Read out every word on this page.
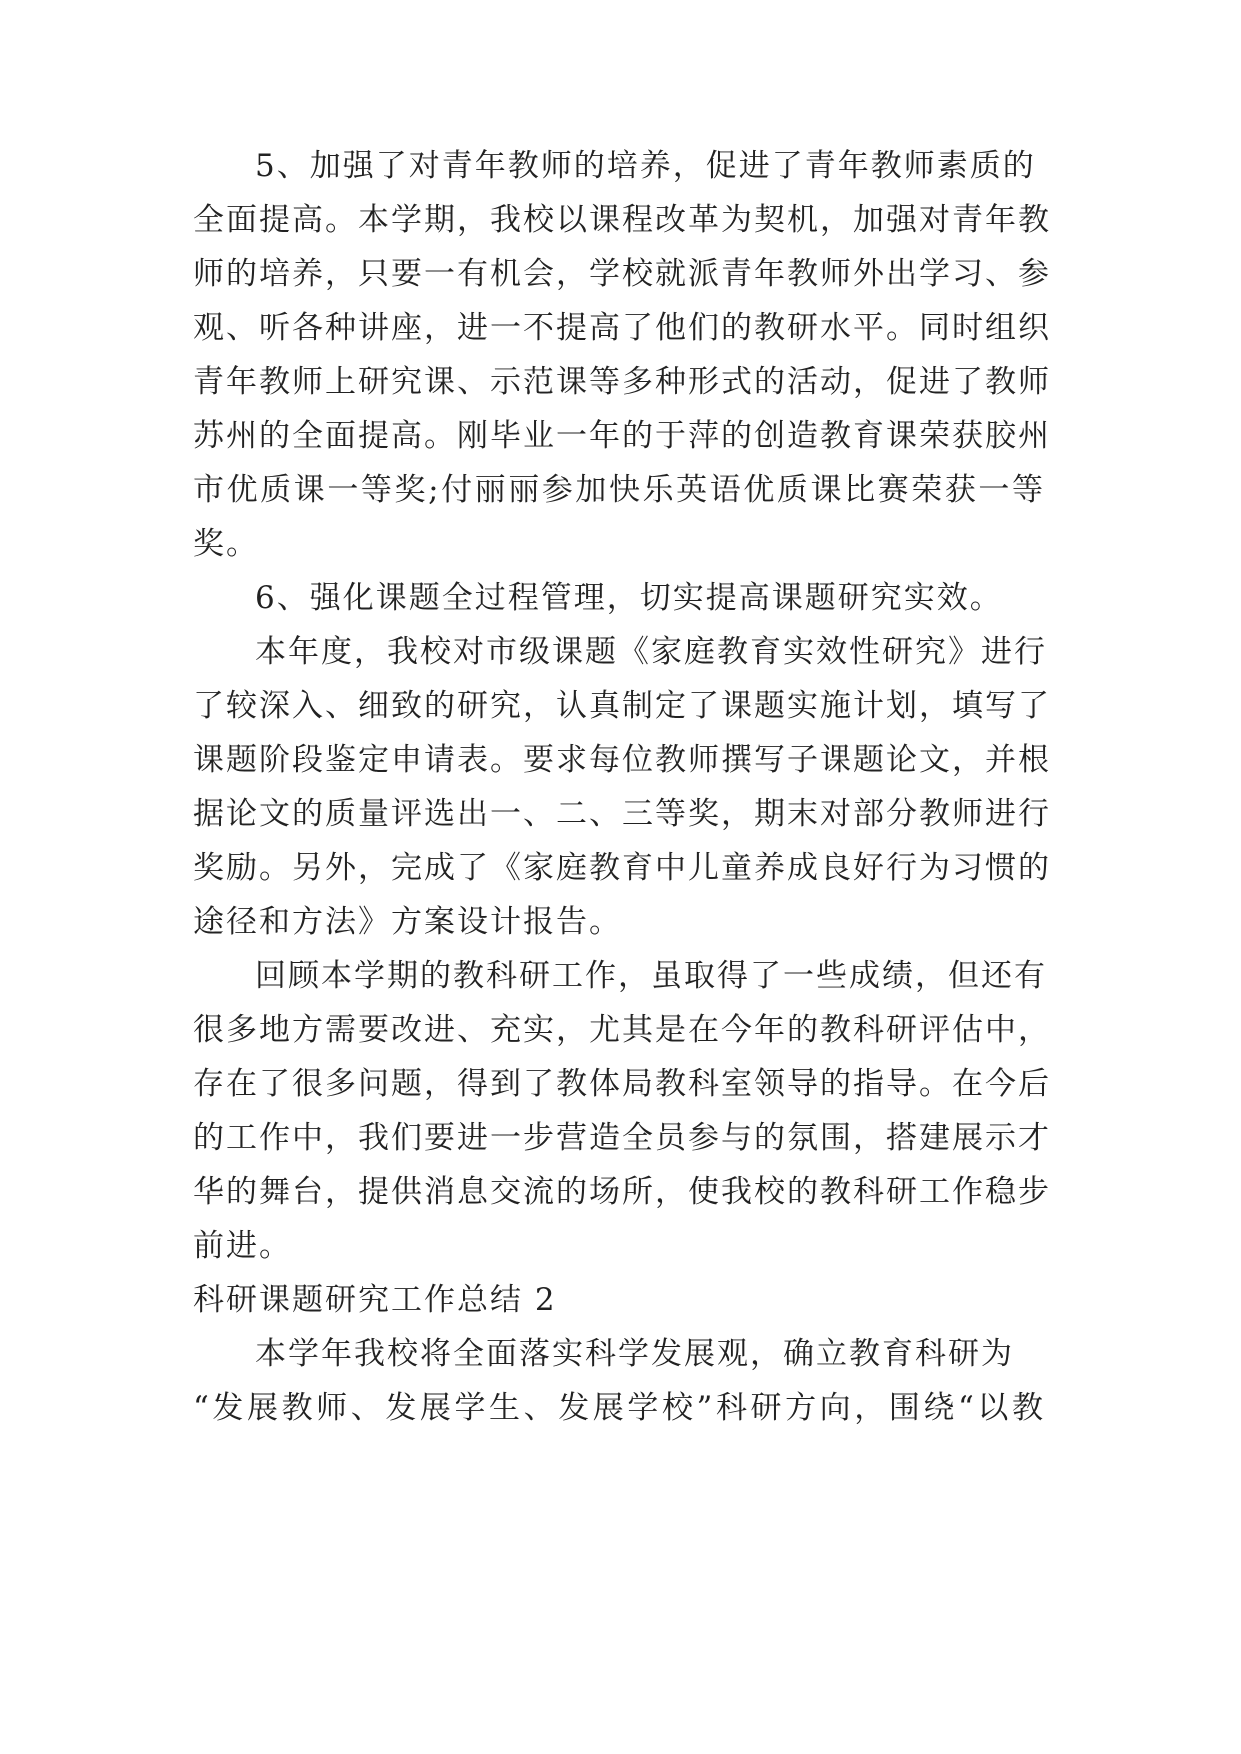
5、加强了对青年教师的培养，促进了青年教师素质的
全面提高。本学期，我校以课程改革为契机，加强对青年教
师的培养，只要一有机会，学校就派青年教师外出学习、参
观、听各种讲座，进一不提高了他们的教研水平。同时组织
青年教师上研究课、示范课等多种形式的活动，促进了教师
苏州的全面提高。刚毕业一年的于萍的创造教育课荣获胶州
市优质课一等奖;付丽丽参加快乐英语优质课比赛荣获一等
奖。
6、强化课题全过程管理，切实提高课题研究实效。
本年度，我校对市级课题《家庭教育实效性研究》进行
了较深入、细致的研究，认真制定了课题实施计划，填写了
课题阶段鉴定申请表。要求每位教师撰写子课题论文，并根
据论文的质量评选出一、二、三等奖，期末对部分教师进行
奖励。另外，完成了《家庭教育中儿童养成良好行为习惯的
途径和方法》方案设计报告。
回顾本学期的教科研工作，虽取得了一些成绩，但还有
很多地方需要改进、充实，尤其是在今年的教科研评估中，
存在了很多问题，得到了教体局教科室领导的指导。在今后
的工作中，我们要进一步营造全员参与的氛围，搭建展示才
华的舞台，提供消息交流的场所，使我校的教科研工作稳步
前进。
科研课题研究工作总结 2
本学年我校将全面落实科学发展观，确立教育科研为
“发展教师、发展学生、发展学校”科研方向，围绕“以教
